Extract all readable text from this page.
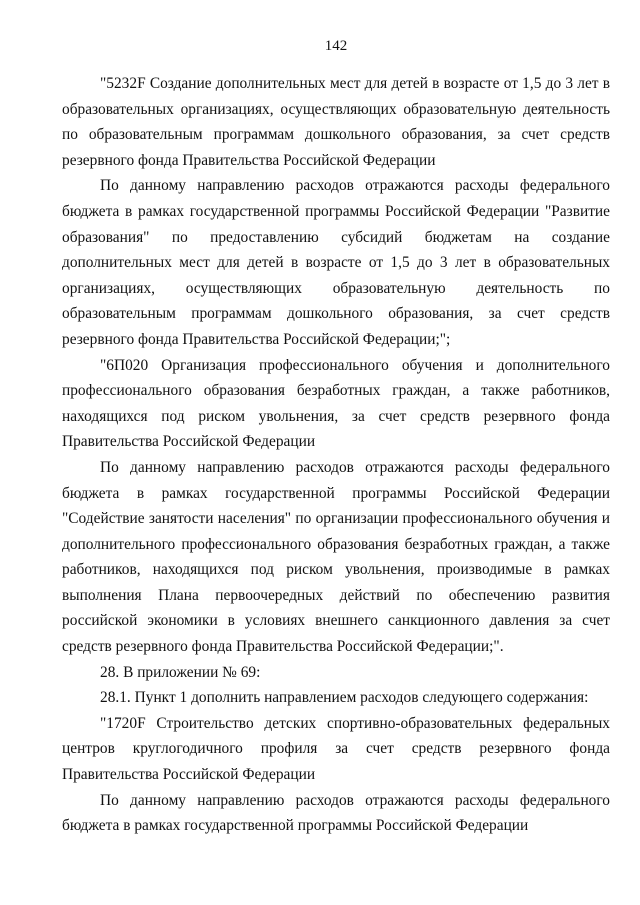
142

"5232F Создание дополнительных мест для детей в возрасте от 1,5 до 3 лет в образовательных организациях, осуществляющих образовательную деятельность по образовательным программам дошкольного образования, за счет средств резервного фонда Правительства Российской Федерации

По данному направлению расходов отражаются расходы федерального бюджета в рамках государственной программы Российской Федерации "Развитие образования" по предоставлению субсидий бюджетам на создание дополнительных мест для детей в возрасте от 1,5 до 3 лет в образовательных организациях, осуществляющих образовательную деятельность по образовательным программам дошкольного образования, за счет средств резервного фонда Правительства Российской Федерации;";

"6П020 Организация профессионального обучения и дополнительного профессионального образования безработных граждан, а также работников, находящихся под риском увольнения, за счет средств резервного фонда Правительства Российской Федерации

По данному направлению расходов отражаются расходы федерального бюджета в рамках государственной программы Российской Федерации "Содействие занятости населения" по организации профессионального обучения и дополнительного профессионального образования безработных граждан, а также работников, находящихся под риском увольнения, производимые в рамках выполнения Плана первоочередных действий по обеспечению развития российской экономики в условиях внешнего санкционного давления за счет средств резервного фонда Правительства Российской Федерации;".

28. В приложении № 69:

28.1. Пункт 1 дополнить направлением расходов следующего содержания:

"1720F Строительство детских спортивно-образовательных федеральных центров круглогодичного профиля за счет средств резервного фонда Правительства Российской Федерации

По данному направлению расходов отражаются расходы федерального бюджета в рамках государственной программы Российской Федерации
